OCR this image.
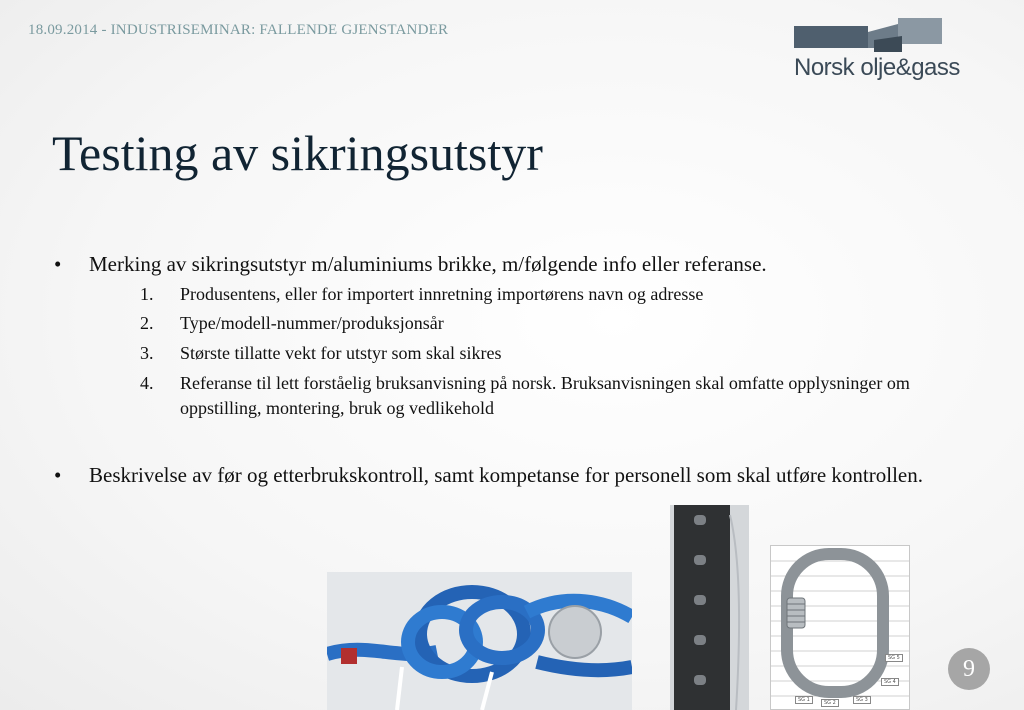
18.09.2014 - INDUSTRISEMINAR: FALLENDE GJENSTANDER
Norsk olje&gass
Testing av sikringsutstyr
• Merking av sikringsutstyr m/aluminiums brikke, m/følgende info eller referanse.
1. Produsentens, eller for importert innretning importørens navn og adresse
2. Type/modell-nummer/produksjonsår
3. Største tillatte vekt for utstyr som skal sikres
4. Referanse til lett forståelig bruksanvisning på norsk. Bruksanvisningen skal omfatte opplysninger om oppstilling, montering, bruk og vedlikehold
• Beskrivelse av før og etterbrukskontroll, samt kompetanse for personell som skal utføre kontrollen.
SG 1	SG 2	SG 3
SG 4
SG 5	9
